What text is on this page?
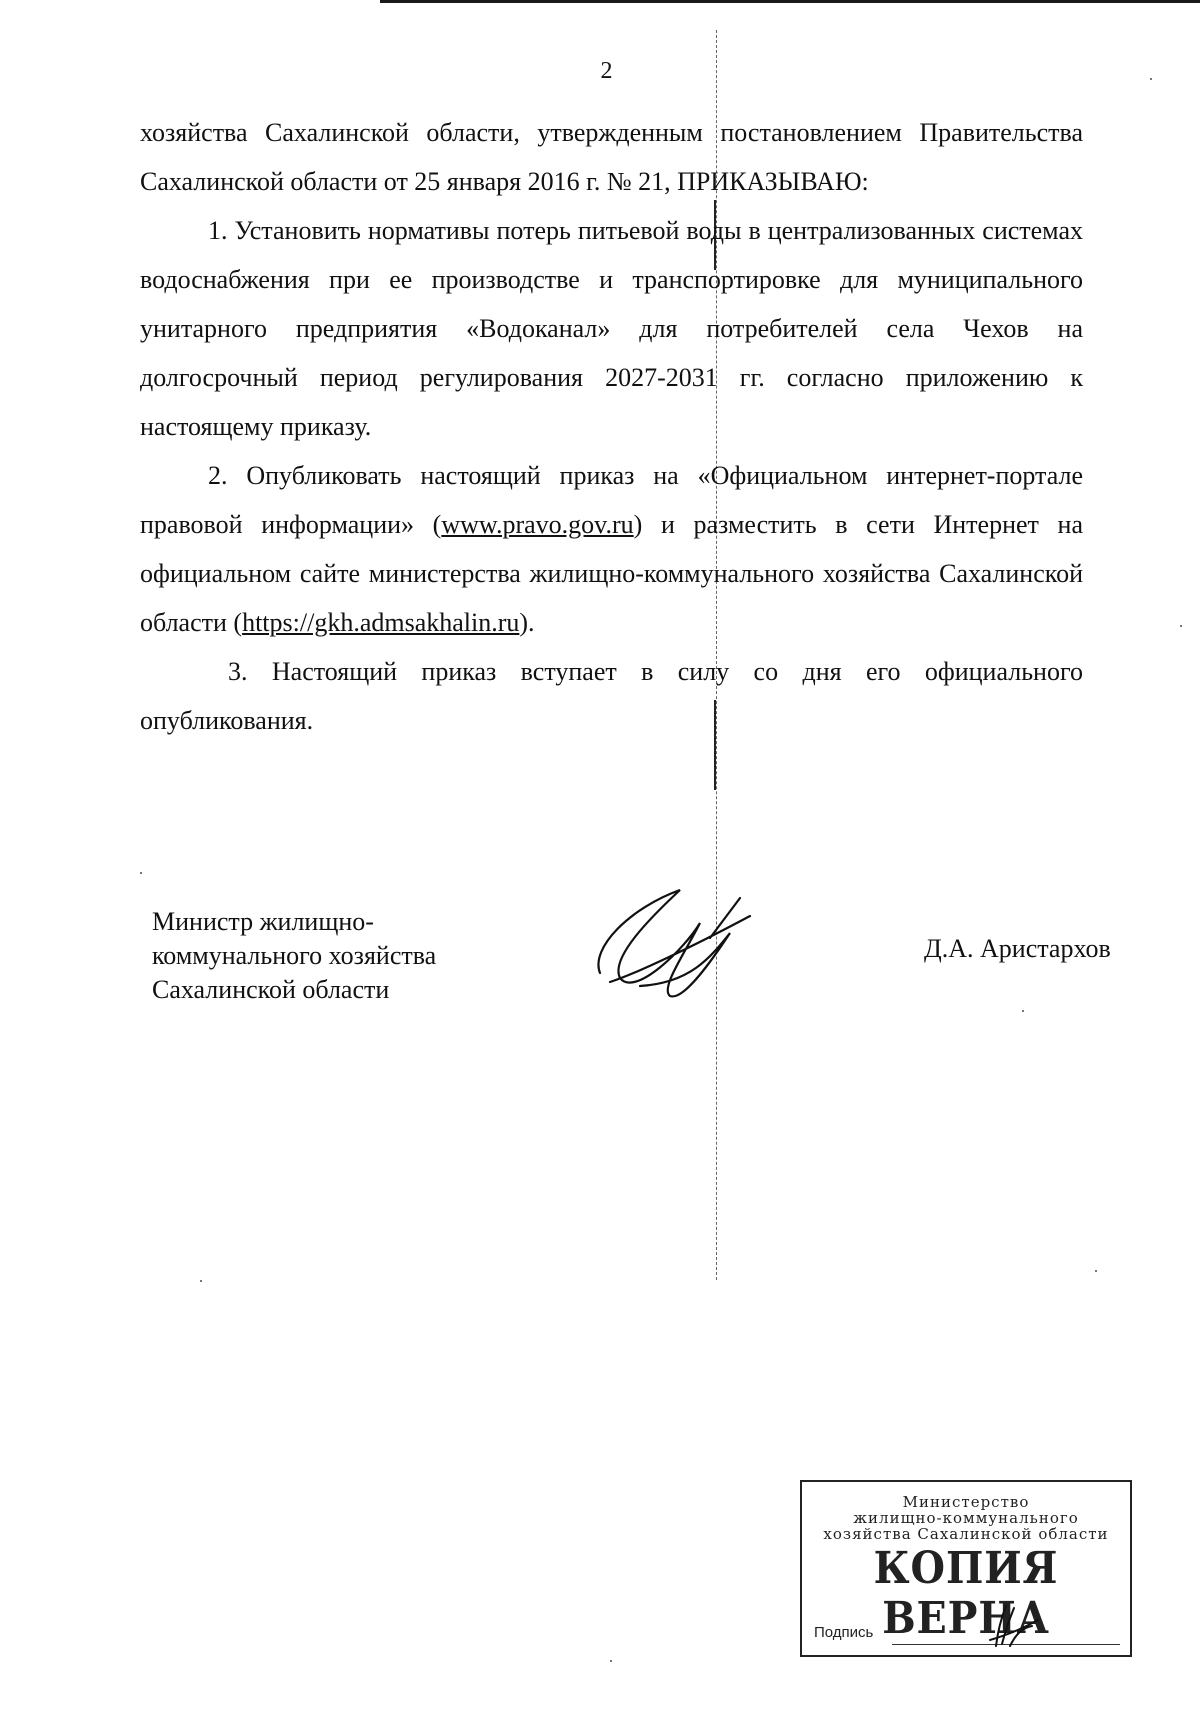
2

хозяйства Сахалинской области, утвержденным постановлением Правительства Сахалинской области от 25 января 2016 г. № 21, ПРИКАЗЫВАЮ:

1. Установить нормативы потерь питьевой воды в централизованных системах водоснабжения при ее производстве и транспортировке для муниципального унитарного предприятия «Водоканал» для потребителей села Чехов на долгосрочный период регулирования 2027-2031 гг. согласно приложению к настоящему приказу.

2. Опубликовать настоящий приказ на «Официальном интернет-портале правовой информации» (www.pravo.gov.ru) и разместить в сети Интернет на официальном сайте министерства жилищно-коммунального хозяйства Сахалинской области (https://gkh.admsakhalin.ru).

3. Настоящий приказ вступает в силу со дня его официального опубликования.

Министр жилищно-
коммунального хозяйства
Сахалинской области
Д.А. Аристархов
Министерство
жилищно-коммунального
хозяйства Сахалинской области
КОПИЯ ВЕРНА
Подпись
